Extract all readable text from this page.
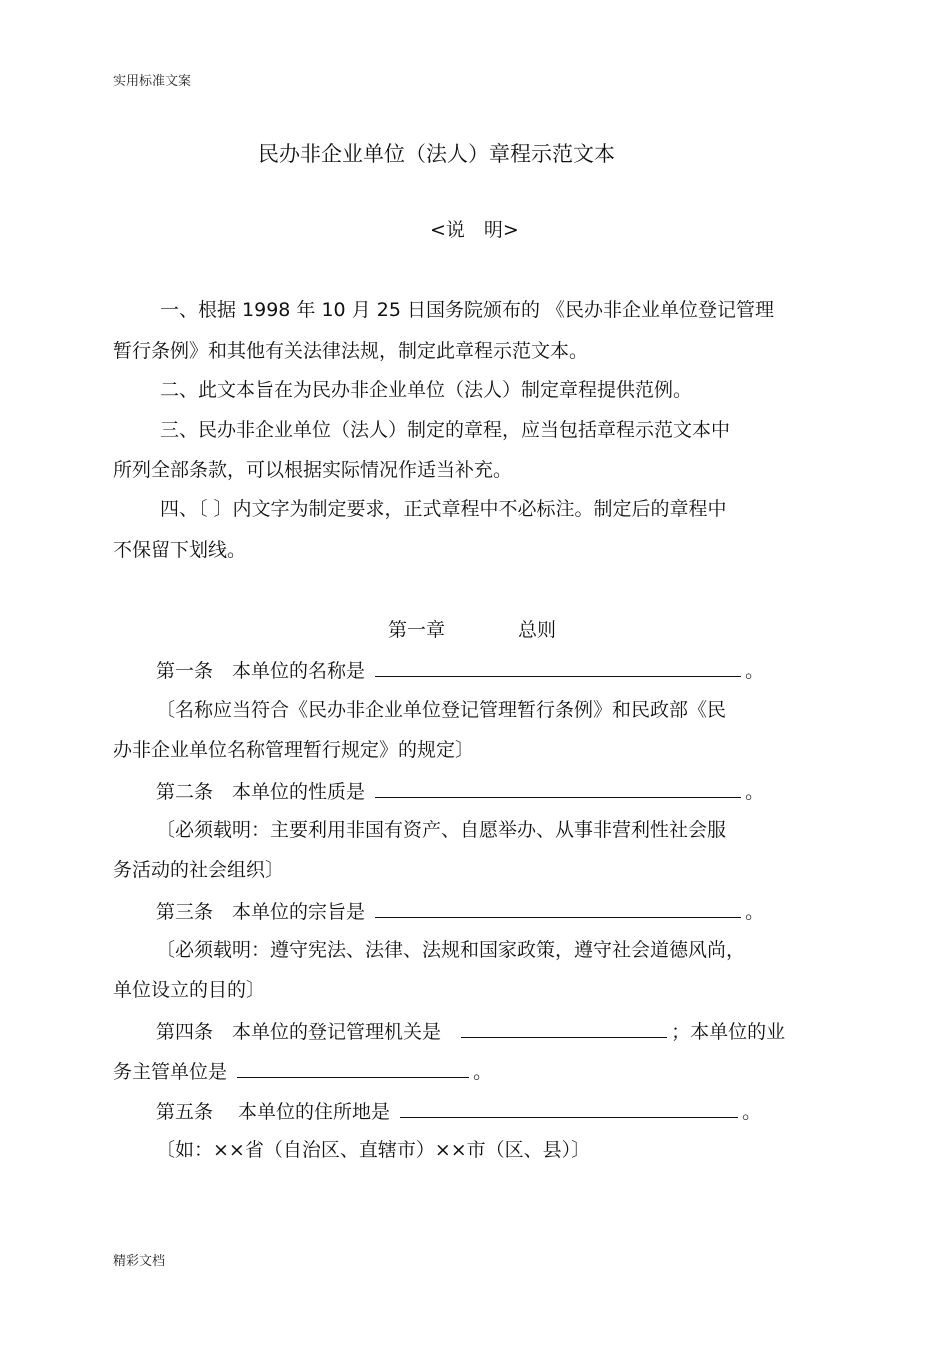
实用标准文案
民办非企业单位（法人）章程示范文本
<说　明>
一、根据 1998 年 10 月 25 日国务院颁布的 《民办非企业单位登记管理
暂行条例》和其他有关法律法规，制定此章程示范文本。
二、此文本旨在为民办非企业单位（法人）制定章程提供范例。
三、民办非企业单位（法人）制定的章程，应当包括章程示范文本中
所列全部条款，可以根据实际情况作适当补充。
四、〔 〕内文字为制定要求，正式章程中不必标注。制定后的章程中
不保留下划线。
第一章	总则
第一条　本单位的名称是	。
〔名称应当符合《民办非企业单位登记管理暂行条例》和民政部《民
办非企业单位名称管理暂行规定》的规定〕
第二条　本单位的性质是	。
〔必须载明：主要利用非国有资产、自愿举办、从事非营利性社会服
务活动的社会组织〕
第三条　本单位的宗旨是	。
〔必须载明：遵守宪法、法律、法规和国家政策，遵守社会道德风尚，
单位设立的目的〕
第四条　本单位的登记管理机关是	；本单位的业
务主管单位是	。
第五条　 本单位的住所地是	。
〔如：××省（自治区、直辖市）××市（区、县）〕
精彩文档
